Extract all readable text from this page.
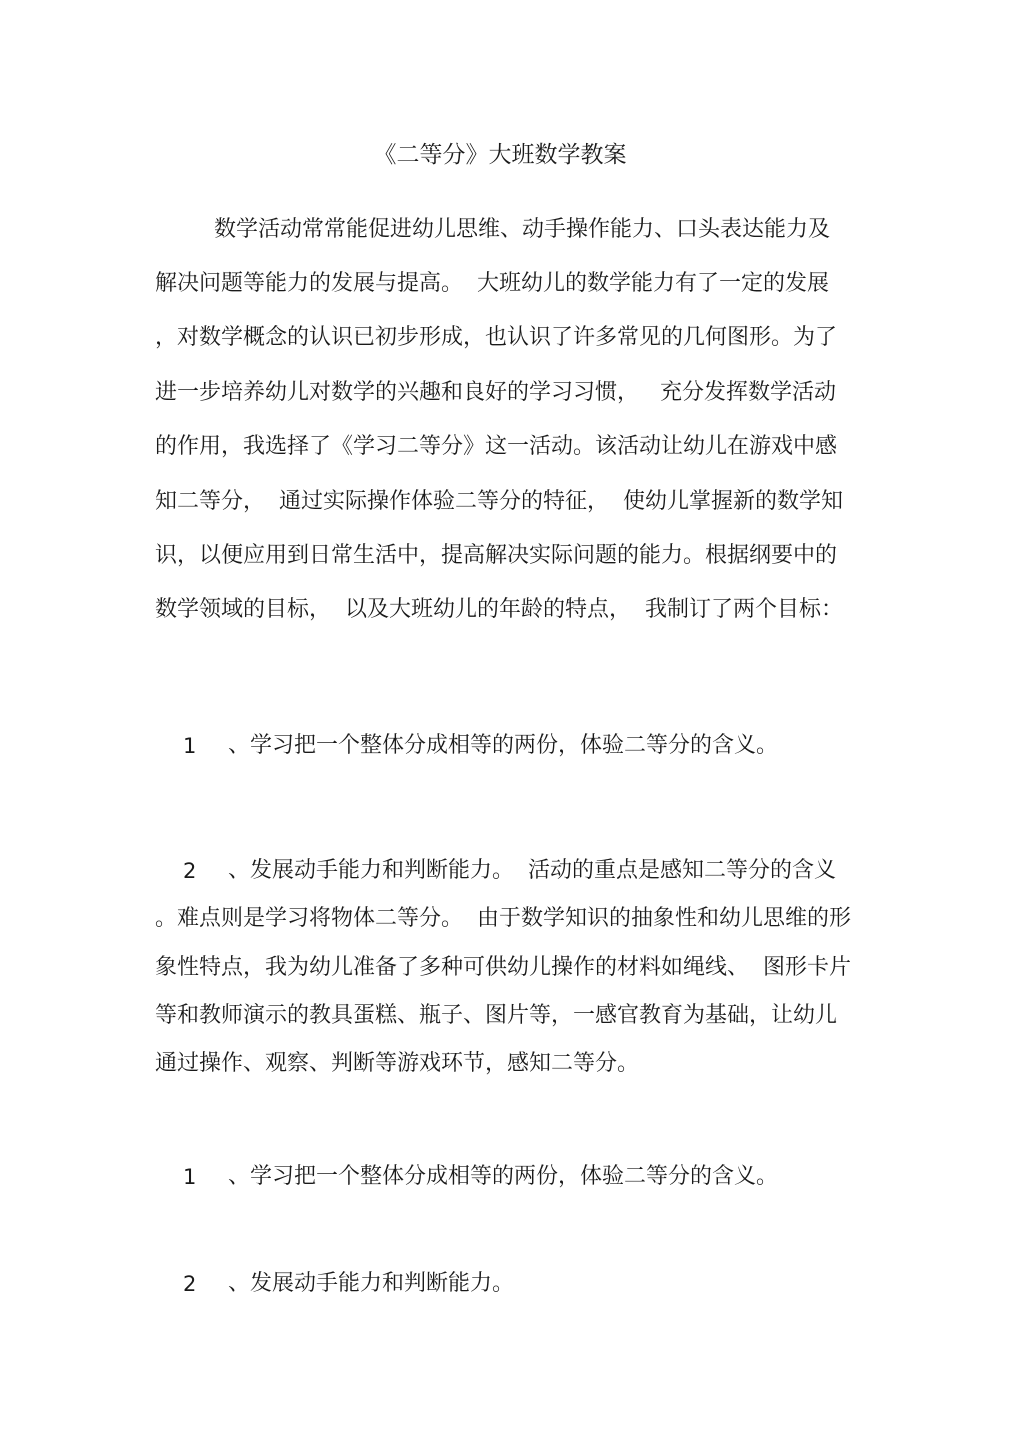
《二等分》大班数学教案
数学活动常常能促进幼儿思维、动手操作能力、口头表达能力及
解决问题等能力的发展与提高。  大班幼儿的数学能力有了一定的发展
，对数学概念的认识已初步形成，也认识了许多常见的几何图形。为了
进一步培养幼儿对数学的兴趣和良好的学习习惯，   充分发挥数学活动
的作用，我选择了《学习二等分》这一活动。该活动让幼儿在游戏中感
知二等分，  通过实际操作体验二等分的特征，  使幼儿掌握新的数学知
识，以便应用到日常生活中，提高解决实际问题的能力。根据纲要中的
数学领域的目标，  以及大班幼儿的年龄的特点，  我制订了两个目标：
1 、学习把一个整体分成相等的两份，体验二等分的含义。
2 、发展动手能力和判断能力。  活动的重点是感知二等分的含义
。难点则是学习将物体二等分。  由于数学知识的抽象性和幼儿思维的形
象性特点，我为幼儿准备了多种可供幼儿操作的材料如绳线、  图形卡片
等和教师演示的教具蛋糕、瓶子、图片等，一感官教育为基础，让幼儿
通过操作、观察、判断等游戏环节，感知二等分。
1 、学习把一个整体分成相等的两份，体验二等分的含义。
2 、发展动手能力和判断能力。
